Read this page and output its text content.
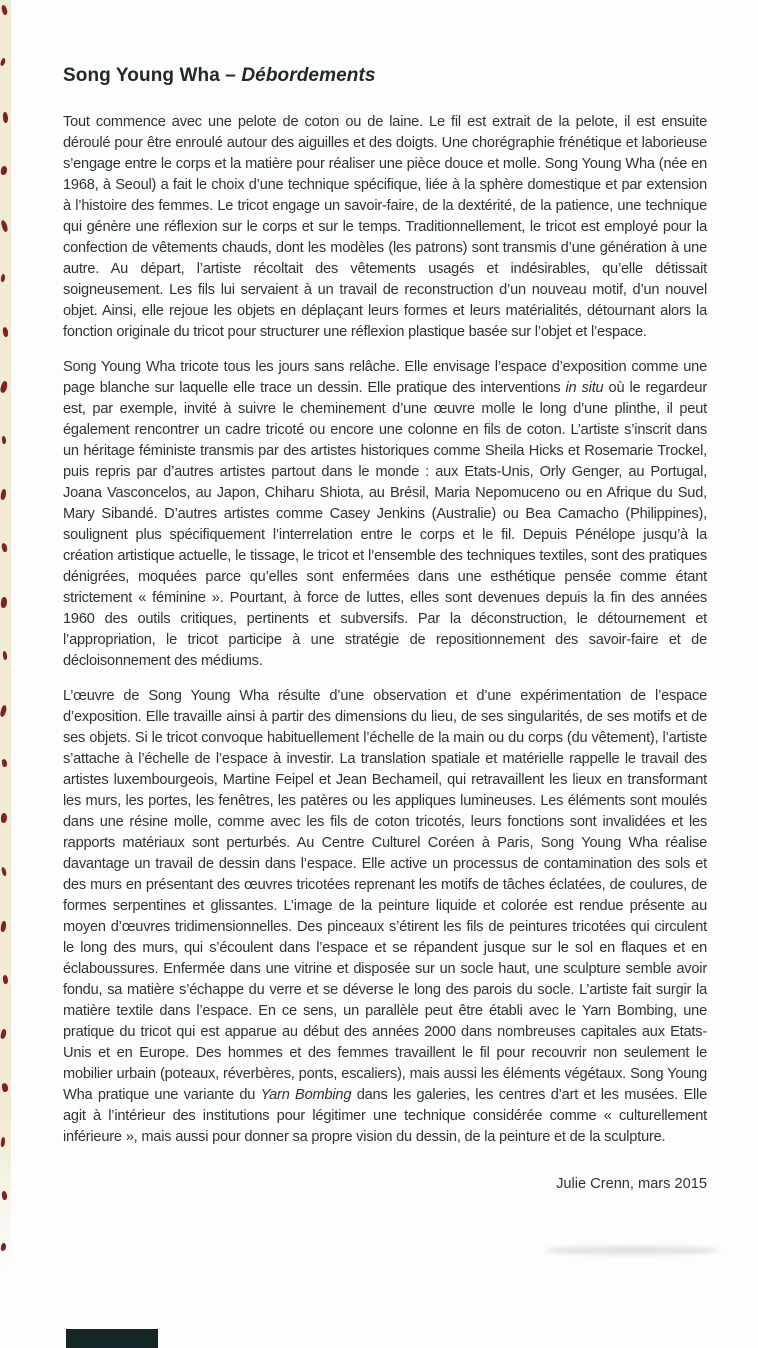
Song Young Wha – Débordements

Tout commence avec une pelote de coton ou de laine. Le fil est extrait de la pelote, il est ensuite déroulé pour être enroulé autour des aiguilles et des doigts. Une chorégraphie frénétique et laborieuse s’engage entre le corps et la matière pour réaliser une pièce douce et molle. Song Young Wha (née en 1968, à Seoul) a fait le choix d’une technique spécifique, liée à la sphère domestique et par extension à l’histoire des femmes. Le tricot engage un savoir-faire, de la dextérité, de la patience, une technique qui génère une réflexion sur le corps et sur le temps. Traditionnellement, le tricot est employé pour la confection de vêtements chauds, dont les modèles (les patrons) sont transmis d’une génération à une autre. Au départ, l’artiste récoltait des vêtements usagés et indésirables, qu’elle détissait soigneusement. Les fils lui servaient à un travail de reconstruction d’un nouveau motif, d’un nouvel objet. Ainsi, elle rejoue les objets en déplaçant leurs formes et leurs matérialités, détournant alors la fonction originale du tricot pour structurer une réflexion plastique basée sur l’objet et l’espace.

Song Young Wha tricote tous les jours sans relâche. Elle envisage l’espace d’exposition comme une page blanche sur laquelle elle trace un dessin. Elle pratique des interventions in situ où le regardeur est, par exemple, invité à suivre le cheminement d’une œuvre molle le long d’une plinthe, il peut également rencontrer un cadre tricoté ou encore une colonne en fils de coton. L’artiste s’inscrit dans un héritage féministe transmis par des artistes historiques comme Sheila Hicks et Rosemarie Trockel, puis repris par d’autres artistes partout dans le monde : aux Etats-Unis, Orly Genger, au Portugal, Joana Vasconcelos, au Japon, Chiharu Shiota, au Brésil, Maria Nepomuceno ou en Afrique du Sud, Mary Sibandé. D’autres artistes comme Casey Jenkins (Australie) ou Bea Camacho (Philippines), soulignent plus spécifiquement l’interrelation entre le corps et le fil. Depuis Pénélope jusqu’à la création artistique actuelle, le tissage, le tricot et l’ensemble des techniques textiles, sont des pratiques dénigrées, moquées parce qu’elles sont enfermées dans une esthétique pensée comme étant strictement « féminine ». Pourtant, à force de luttes, elles sont devenues depuis la fin des années 1960 des outils critiques, pertinents et subversifs. Par la déconstruction, le détournement et l’appropriation, le tricot participe à une stratégie de repositionnement des savoir-faire et de décloisonnement des médiums.

L’œuvre de Song Young Wha résulte d’une observation et d’une expérimentation de l’espace d’exposition. Elle travaille ainsi à partir des dimensions du lieu, de ses singularités, de ses motifs et de ses objets. Si le tricot convoque habituellement l’échelle de la main ou du corps (du vêtement), l’artiste s’attache à l’échelle de l’espace à investir. La translation spatiale et matérielle rappelle le travail des artistes luxembourgeois, Martine Feipel et Jean Bechameil, qui retravaillent les lieux en transformant les murs, les portes, les fenêtres, les patères ou les appliques lumineuses. Les éléments sont moulés dans une résine molle, comme avec les fils de coton tricotés, leurs fonctions sont invalidées et les rapports matériaux sont perturbés. Au Centre Culturel Coréen à Paris, Song Young Wha réalise davantage un travail de dessin dans l’espace. Elle active un processus de contamination des sols et des murs en présentant des œuvres tricotées reprenant les motifs de tâches éclatées, de coulures, de formes serpentines et glissantes. L’image de la peinture liquide et colorée est rendue présente au moyen d’œuvres tridimensionnelles. Des pinceaux s’étirent les fils de peintures tricotées qui circulent le long des murs, qui s’écoulent dans l’espace et se répandent jusque sur le sol en flaques et en éclaboussures. Enfermée dans une vitrine et disposée sur un socle haut, une sculpture semble avoir fondu, sa matière s’échappe du verre et se déverse le long des parois du socle. L’artiste fait surgir la matière textile dans l’espace. En ce sens, un parallèle peut être établi avec le Yarn Bombing, une pratique du tricot qui est apparue au début des années 2000 dans nombreuses capitales aux Etats-Unis et en Europe. Des hommes et des femmes travaillent le fil pour recouvrir non seulement le mobilier urbain (poteaux, réverbères, ponts, escaliers), mais aussi les éléments végétaux. Song Young Wha pratique une variante du Yarn Bombing dans les galeries, les centres d’art et les musées. Elle agit à l’intérieur des institutions pour légitimer une technique considérée comme « culturellement inférieure », mais aussi pour donner sa propre vision du dessin, de la peinture et de la sculpture.

Julie Crenn, mars 2015
